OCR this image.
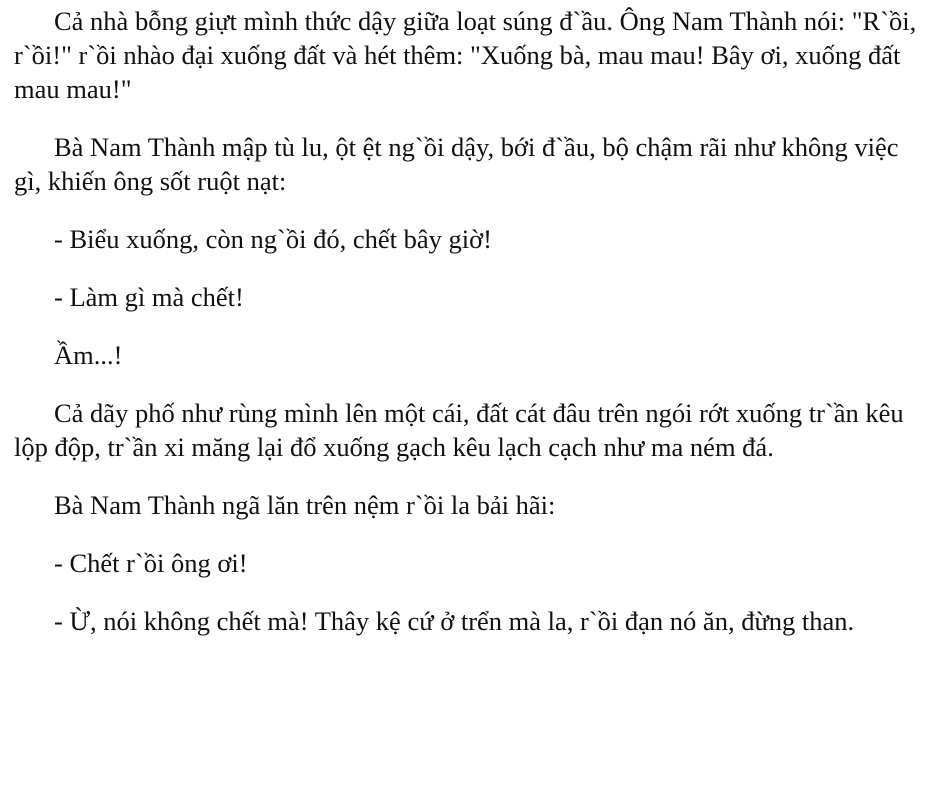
Cả nhà bỗng giựt mình thức dậy giữa loạt súng đ`ầu. Ông Nam Thành nói: "R`ồi, r`ồi!" r`ồi nhào đại xuống đất và hét thêm: "Xuống bà, mau mau! Bây ơi, xuống đất mau mau!"

Bà Nam Thành mập tù lu, ột ệt ng`ồi dậy, bới đ`ầu, bộ chậm rãi như không việc gì, khiến ông sốt ruột nạt:

- Biểu xuống, còn ng`ồi đó, chết bây giờ!

- Làm gì mà chết!

Ầm...!

Cả dãy phố như rùng mình lên một cái, đất cát đâu trên ngói rớt xuống tr`ần kêu lộp độp, tr`ần xi măng lại đổ xuống gạch kêu lạch cạch như ma ném đá.

Bà Nam Thành ngã lăn trên nệm r`ồi la bải hãi:

- Chết r`ồi ông ơi!

- Ừ, nói không chết mà! Thây kệ cứ ở trển mà la, r`ồi đạn nó ăn, đừng than.
